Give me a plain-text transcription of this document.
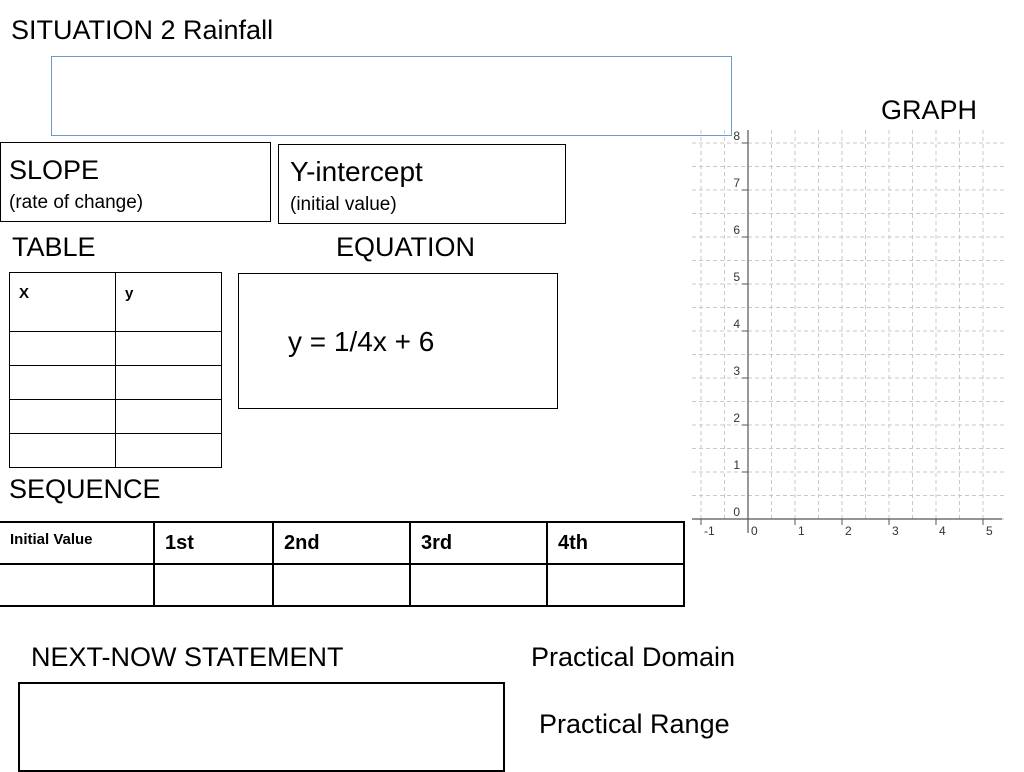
SITUATION 2 Rainfall
GRAPH
SLOPE
(rate of change)
Y-intercept
(initial value)
TABLE	EQUATION
X	y

y = 1/4x + 6
SEQUENCE
Initial Value	1st	2nd	3rd	4th

NEXT-NOW STATEMENT	Practical Domain
Practical Range
-1	0	1	2	3	4	5
0
1
2
3
4
5
6
7
8
